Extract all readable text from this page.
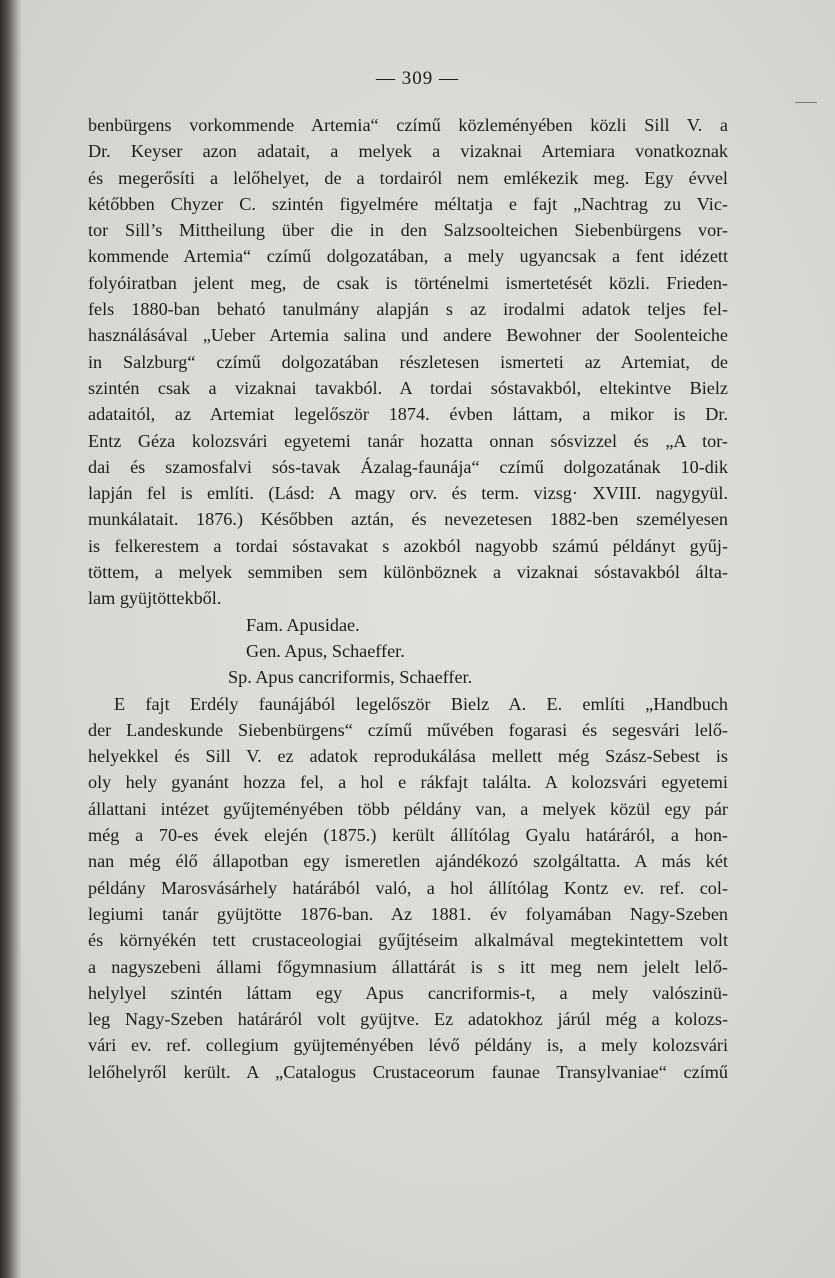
— 309 —
benbürgens vorkommende Artemia“ czímű közleményében közli Sill V. a
Dr. Keyser azon adatait, a melyek a vizaknai Artemiara vonatkoznak
és megerősíti a lelőhelyet, de a tordairól nem emlékezik meg. Egy évvel
kétőbben Chyzer C. szintén figyelmére méltatja e fajt „Nachtrag zu Vic-
tor Sill’s Mittheilung über die in den Salzsoolteichen Siebenbürgens vor-
kommende Artemia“ czímű dolgozatában, a mely ugyancsak a fent idézett
folyóiratban jelent meg, de csak is történelmi ismertetését közli. Frieden-
fels 1880-ban beható tanulmány alapján s az irodalmi adatok teljes fel-
használásával „Ueber Artemia salina und andere Bewohner der Soolenteiche
in Salzburg“ czímű dolgozatában részletesen ismerteti az Artemiat, de
szintén csak a vizaknai tavakból. A tordai sóstavakból, eltekintve Bielz
adataitól, az Artemiat legelőször 1874. évben láttam, a mikor is Dr.
Entz Géza kolozsvári egyetemi tanár hozatta onnan sósvizzel és „A tor-
dai és szamosfalvi sós-tavak Ázalag-faunája“ czímű dolgozatának 10-dik
lapján fel is említi. (Lásd: A magy orv. és term. vizsg· XVIII. nagygyül.
munkálatait. 1876.) Későbben aztán, és nevezetesen 1882-ben személyesen
is felkerestem a tordai sóstavakat s azokból nagyobb számú példányt gyűj-
töttem, a melyek semmiben sem különböznek a vizaknai sóstavakból álta-
lam gyüjtöttekből.
Fam. Apusidae.
Gen. Apus, Schaeffer.
Sp. Apus cancriformis, Schaeffer.
E fajt Erdély faunájából legelőször Bielz A. E. említi „Handbuch
der Landeskunde Siebenbürgens“ czímű művében fogarasi és segesvári lelő-
helyekkel és Sill V. ez adatok reprodukálása mellett még Szász-Sebest is
oly hely gyanánt hozza fel, a hol e rákfajt találta. A kolozsvári egyetemi
állattani intézet gyűjteményében több példány van, a melyek közül egy pár
még a 70-es évek elején (1875.) került állítólag Gyalu határáról, a hon-
nan még élő állapotban egy ismeretlen ajándékozó szolgáltatta. A más két
példány Marosvásárhely határából való, a hol állítólag Kontz ev. ref. col-
legiumi tanár gyüjtötte 1876-ban. Az 1881. év folyamában Nagy-Szeben
és környékén tett crustaceologiai gyűjtéseim alkalmával megtekintettem volt
a nagyszebeni állami főgymnasium állattárát is s itt meg nem jelelt lelő-
helylyel szintén láttam egy Apus cancriformis-t, a mely valószinü-
leg Nagy-Szeben határáról volt gyüjtve. Ez adatokhoz járúl még a kolozs-
vári ev. ref. collegium gyüjteményében lévő példány is, a mely kolozsvári
lelőhelyről került. A „Catalogus Crustaceorum faunae Transylvaniae“ czímű
